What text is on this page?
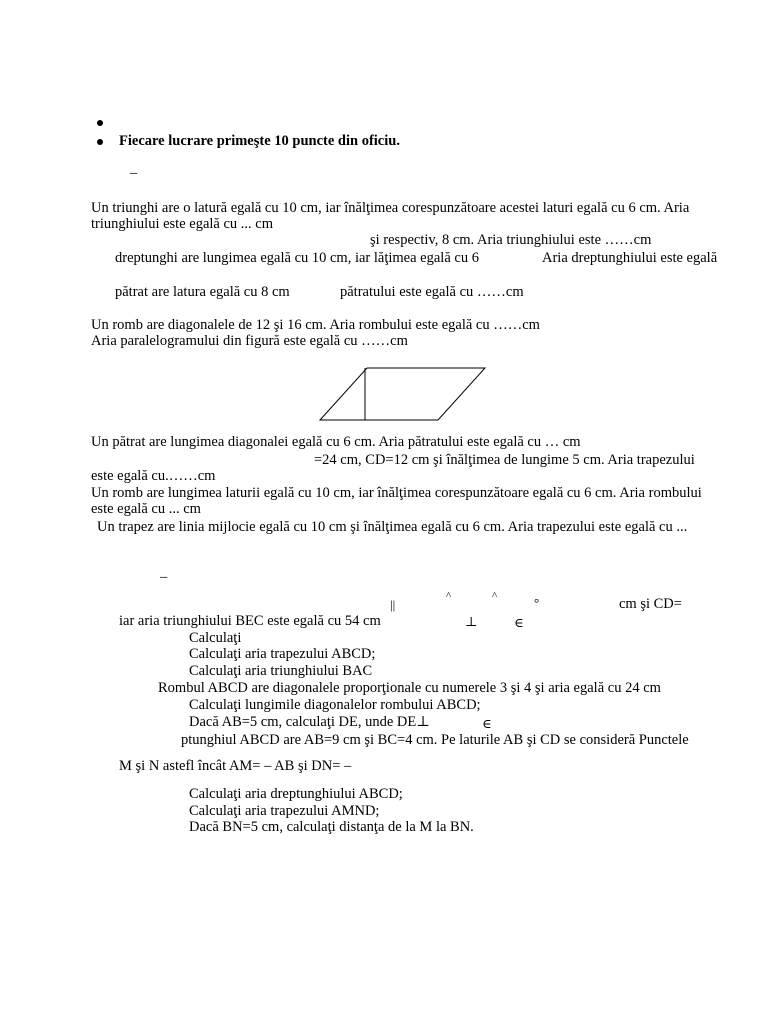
Fiecare lucrare primeşte 10 puncte din oficiu.
–
Un triunghi are o latură egală cu 10 cm, iar înălţimea corespunzătoare acestei laturi egală cu 6 cm. Aria
triunghiului este egală cu ... cm
şi respectiv, 8 cm. Aria triunghiului este ……cm
dreptunghi are lungimea egală cu 10 cm, iar lăţimea egală cu 6	Aria dreptunghiului este egală
pătrat are latura egală cu 8 cm	pătratului este egală cu ……cm
Un romb are diagonalele de 12 şi 16 cm. Aria rombului este egală cu ……cm
Aria paralelogramului din figură este egală cu ……cm
Un pătrat are lungimea diagonalei egală cu 6 cm. Aria pătratului este egală cu … cm
=24 cm, CD=12 cm şi înălţimea de lungime 5 cm. Aria trapezului
este egală cu.……cm
Un romb are lungimea laturii egală cu 10 cm, iar înălţimea corespunzătoare egală cu 6 cm. Aria rombului
este egală cu ... cm
Un trapez are linia mijlocie egală cu 10 cm şi înălţimea egală cu 6 cm. Aria trapezului este egală cu ...
–
||
^	^	°	cm şi CD=
iar aria triunghiului BEC este egală cu 54 cm	⊥	∈
Calculaţi
Calculaţi aria trapezului ABCD;
Calculaţi aria triunghiului BAC
Rombul ABCD are diagonalele proporţionale cu numerele 3 şi 4 şi aria egală cu 24 cm
Calculaţi lungimile diagonalelor rombului ABCD;
Dacă AB=5 cm, calculaţi DE, unde DE⊥	∈
ptunghiul ABCD are AB=9 cm şi BC=4 cm. Pe laturile AB şi CD se consideră Punctele
M şi N astefl încât AM= – AB şi DN= –
Calculaţi aria dreptunghiului ABCD;
Calculaţi aria trapezului AMND;
Dacă BN=5 cm, calculaţi distanţa de la M la BN.
